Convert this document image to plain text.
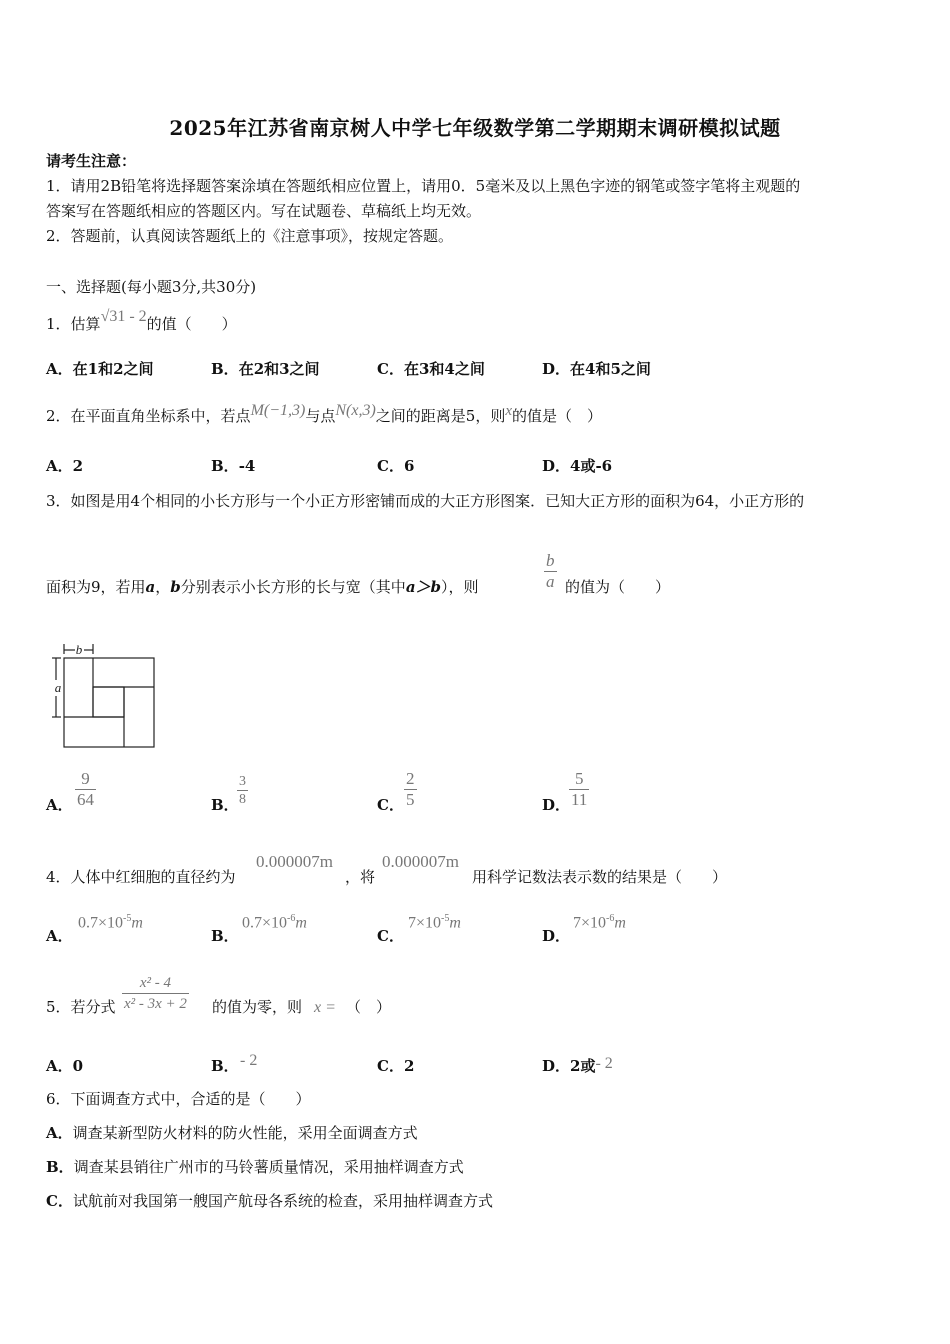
2025年江苏省南京树人中学七年级数学第二学期期末调研模拟试题
请考生注意：
1．请用2B铅笔将选择题答案涂填在答题纸相应位置上，请用0．5毫米及以上黑色字迹的钢笔或签字笔将主观题的
答案写在答题纸相应的答题区内。写在试题卷、草稿纸上均无效。
2．答题前，认真阅读答题纸上的《注意事项》，按规定答题。
一、选择题(每小题3分,共30分)
1．估算√31 - 2的值（　　）
A．在1和2之间	B．在2和3之间	C．在3和4之间	D．在4和5之间
2．在平面直角坐标系中，若点M(−1,3)与点N(x,3)之间的距离是5，则x的值是（　）
A．2	B．-4	C．6	D．4或-6
3．如图是用4个相同的小长方形与一个小正方形密铺而成的大正方形图案．已知大正方形的面积为64，小正方形的
面积为9，若用a，b分别表示小长方形的长与宽（其中a＞b），则	$\frac{b}{a}$ 的值为（　　）
b
a
A． $\frac{9}{64}$	B．
$\frac{3}{8}$	C． $\frac{2}{5}$	D．
$\frac{5}{11}$
4．人体中红细胞的直径约为
0.000007m
，将
0.000007m
用科学记数法表示数的结果是（　　）
A．
$0.7\times 10^{-5}m$
B．
$0.7\times 10^{-6}m$
C．
$7\times 10^{-5}m$
D．
$7\times 10^{-6}m$
5．若分式 $\frac{\text{x² - 4}}{\text{x² - 3x + 2}}$ 的值为零，则 x = （　）
A．0	B． - 2	C．2	D．2或- 2
6．下面调查方式中，合适的是（　　）
A．调查某新型防火材料的防火性能，采用全面调查方式
B．调查某县销往广州市的马铃薯质量情况，采用抽样调查方式
C．试航前对我国第一艘国产航母各系统的检查，采用抽样调查方式
